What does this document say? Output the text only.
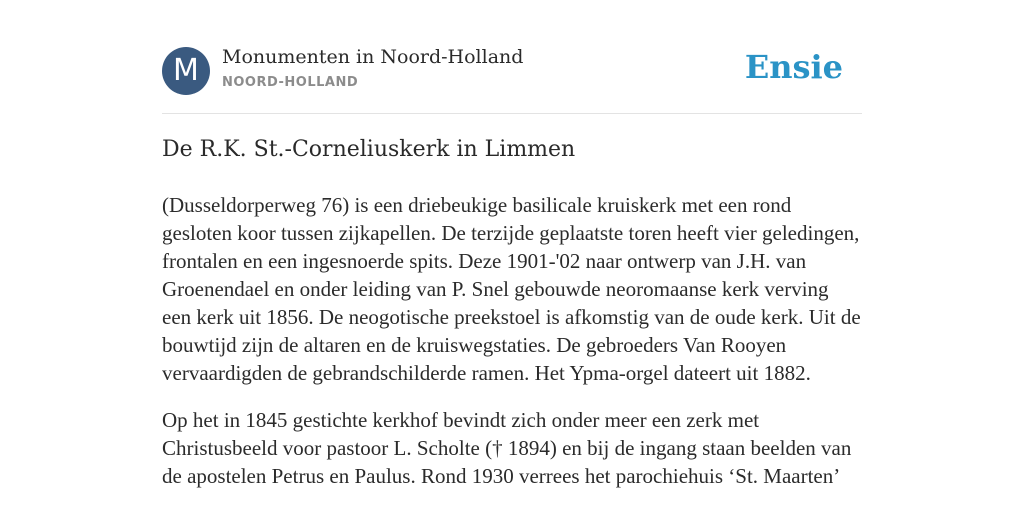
M	Monumenten in Noord-Holland
NOORD-HOLLAND	Ensie
De R.K. St.-Corneliuskerk in Limmen

(Dusseldorperweg 76) is een driebeukige basilicale kruiskerk met een rond gesloten koor tussen zijkapellen. De terzijde geplaatste toren heeft vier geledingen, frontalen en een ingesnoerde spits. Deze 1901-'02 naar ontwerp van J.H. van Groenendael en onder leiding van P. Snel gebouwde neoromaanse kerk verving een kerk uit 1856. De neogotische preekstoel is afkomstig van de oude kerk. Uit de bouwtijd zijn de altaren en de kruiswegstaties. De gebroeders Van Rooyen vervaardigden de gebrandschilderde ramen. Het Ypma-orgel dateert uit 1882.

Op het in 1845 gestichte kerkhof bevindt zich onder meer een zerk met Christusbeeld voor pastoor L. Scholte († 1894) en bij de ingang staan beelden van de apostelen Petrus en Paulus. Rond 1930 verrees het parochiehuis ‘St. Maarten’
